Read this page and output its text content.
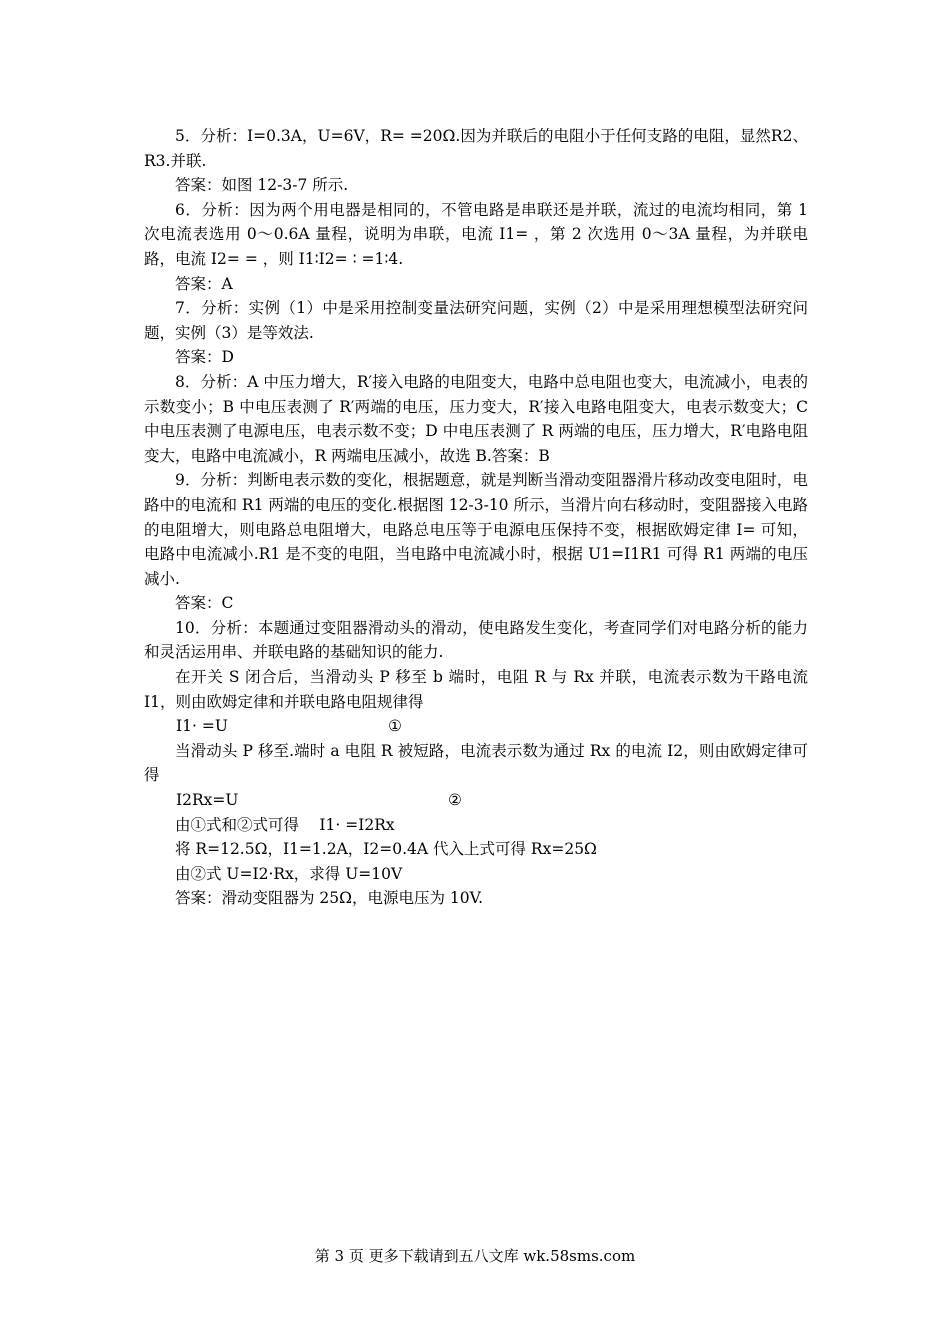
5．分析：I=0.3A，U=6V，R= =20Ω.因为并联后的电阻小于任何支路的电阻，显然R2、R3.并联.

答案：如图 12-3-7 所示.

6．分析：因为两个用电器是相同的，不管电路是串联还是并联，流过的电流均相同，第 1 次电流表选用 0～0.6A 量程，说明为串联，电流 I1= ，第 2 次选用 0～3A 量程，为并联电路，电流 I2= = ，则 I1∶I2= ∶ =1∶4.

答案：A

7．分析：实例（1）中是采用控制变量法研究问题，实例（2）中是采用理想模型法研究问题，实例（3）是等效法.

答案：D

8．分析：A 中压力增大，R′接入电路的电阻变大，电路中总电阻也变大，电流减小，电表的示数变小；B 中电压表测了 R′两端的电压，压力变大，R′接入电路电阻变大，电表示数变大；C 中电压表测了电源电压，电表示数不变；D 中电压表测了 R 两端的电压，压力增大，R′电路电阻变大，电路中电流减小，R 两端电压减小，故选 B.答案：B

9．分析：判断电表示数的变化，根据题意，就是判断当滑动变阻器滑片移动改变电阻时，电路中的电流和 R1 两端的电压的变化.根据图 12-3-10 所示，当滑片向右移动时，变阻器接入电路的电阻增大，则电路总电阻增大，电路总电压等于电源电压保持不变，根据欧姆定律 I= 可知，电路中电流减小.R1 是不变的电阻，当电路中电流减小时，根据 U1=I1R1 可得 R1 两端的电压减小.

答案：C

10．分析：本题通过变阻器滑动头的滑动，使电路发生变化，考查同学们对电路分析的能力和灵活运用串、并联电路的基础知识的能力.

在开关 S 闭合后，当滑动头 P 移至 b 端时，电阻 R 与 Rx 并联，电流表示数为干路电流 I1，则由欧姆定律和并联电路电阻规律得

I1· =U	①

当滑动头 P 移至.端时 a 电阻 R 被短路，电流表示数为通过 Rx 的电流 I2，则由欧姆定律可得

I2Rx=U	②

由①式和②式可得　 I1· =I2Rx

将 R=12.5Ω，I1=1.2A，I2=0.4A 代入上式可得 Rx=25Ω

由②式 U=I2·Rx，求得 U=10V

答案：滑动变阻器为 25Ω，电源电压为 10V.

第 3 页 更多下载请到五八文库 wk.58sms.com
